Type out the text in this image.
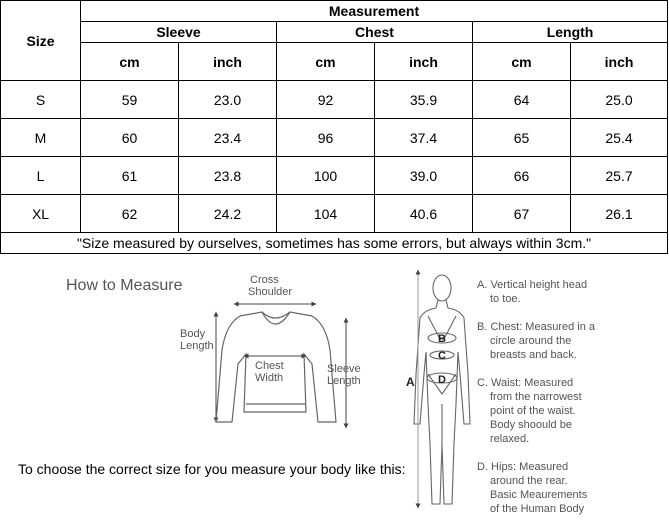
Size	Measurement					
	Sleeve		Chest		Length	
	cm	inch	cm	inch	cm	inch
S	59	23.0	92	35.9	64	25.0
M	60	23.4	96	37.4	65	25.4
L	61	23.8	100	39.0	66	25.7
XL	62	24.2	104	40.6	67	26.1
"Size measured by ourselves, sometimes has some errors, but always within 3cm."						
How to Measure	Cross
Shoulder
Body
Length
Chest
Width
Sleeve
Length
To choose the correct size for you measure your body like this:
A
B
C
D
A. Vertical height head
to toe.
B. Chest: Measured in a
circle around the
breasts and back.
C. Waist: Measured
from the narrowest
point of the waist.
Body shoould be
relaxed.
D. Hips: Measured
around the rear.
Basic Meaurements
of the Human Body
